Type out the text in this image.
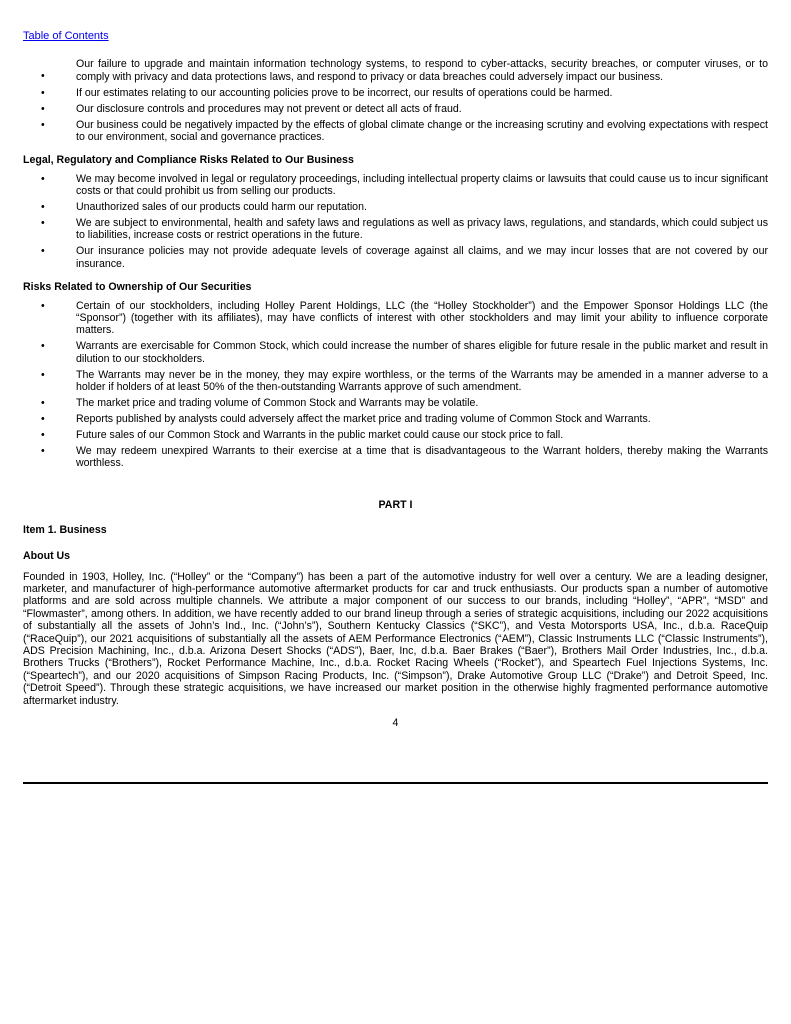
Table of Contents
•
Our failure to upgrade and maintain information technology systems, to respond to cyber-attacks, security breaches, or computer viruses, or to comply with privacy and data protections laws, and respond to privacy or data breaches could adversely impact our business.
•	If our estimates relating to our accounting policies prove to be incorrect, our results of operations could be harmed.
•	Our disclosure controls and procedures may not prevent or detect all acts of fraud.
•	Our business could be negatively impacted by the effects of global climate change or the increasing scrutiny and evolving expectations with respect to our environment, social and governance practices.
Legal, Regulatory and Compliance Risks Related to Our Business
•	We may become involved in legal or regulatory proceedings, including intellectual property claims or lawsuits that could cause us to incur significant costs or that could prohibit us from selling our products.
•	Unauthorized sales of our products could harm our reputation.
•	We are subject to environmental, health and safety laws and regulations as well as privacy laws, regulations, and standards, which could subject us to liabilities, increase costs or restrict operations in the future.
•	Our insurance policies may not provide adequate levels of coverage against all claims, and we may incur losses that are not covered by our insurance.
Risks Related to Ownership of Our Securities
•	Certain of our stockholders, including Holley Parent Holdings, LLC (the “Holley Stockholder”) and the Empower Sponsor Holdings LLC (the “Sponsor”) (together with its affiliates), may have conflicts of interest with other stockholders and may limit your ability to influence corporate matters.
•	Warrants are exercisable for Common Stock, which could increase the number of shares eligible for future resale in the public market and result in dilution to our stockholders.
•	The Warrants may never be in the money, they may expire worthless, or the terms of the Warrants may be amended in a manner adverse to a holder if holders of at least 50% of the then-outstanding Warrants approve of such amendment.
•	The market price and trading volume of Common Stock and Warrants may be volatile.
•	Reports published by analysts could adversely affect the market price and trading volume of Common Stock and Warrants.
•	Future sales of our Common Stock and Warrants in the public market could cause our stock price to fall.
•	We may redeem unexpired Warrants to their exercise at a time that is disadvantageous to the Warrant holders, thereby making the Warrants worthless.
PART I
Item 1. Business
About Us
Founded in 1903, Holley, Inc. (“Holley” or the “Company”) has been a part of the automotive industry for well over a century. We are a leading designer, marketer, and manufacturer of high-performance automotive aftermarket products for car and truck enthusiasts. Our products span a number of automotive platforms and are sold across multiple channels. We attribute a major component of our success to our brands, including “Holley”, “APR”, “MSD” and “Flowmaster”, among others. In addition, we have recently added to our brand lineup through a series of strategic acquisitions, including our 2022 acquisitions of substantially all the assets of John’s Ind., Inc. (“John’s”), Southern Kentucky Classics (“SKC”), and Vesta Motorsports USA, Inc., d.b.a. RaceQuip (“RaceQuip”), our 2021 acquisitions of substantially all the assets of AEM Performance Electronics (“AEM”), Classic Instruments LLC (“Classic Instruments”), ADS Precision Machining, Inc., d.b.a. Arizona Desert Shocks (“ADS”), Baer, Inc, d.b.a. Baer Brakes (“Baer”), Brothers Mail Order Industries, Inc., d.b.a. Brothers Trucks (“Brothers”), Rocket Performance Machine, Inc., d.b.a. Rocket Racing Wheels (“Rocket”), and Speartech Fuel Injections Systems, Inc. (“Speartech”), and our 2020 acquisitions of Simpson Racing Products, Inc. (“Simpson”), Drake Automotive Group LLC (“Drake”) and Detroit Speed, Inc. (“Detroit Speed”). Through these strategic acquisitions, we have increased our market position in the otherwise highly fragmented performance automotive aftermarket industry.
4
